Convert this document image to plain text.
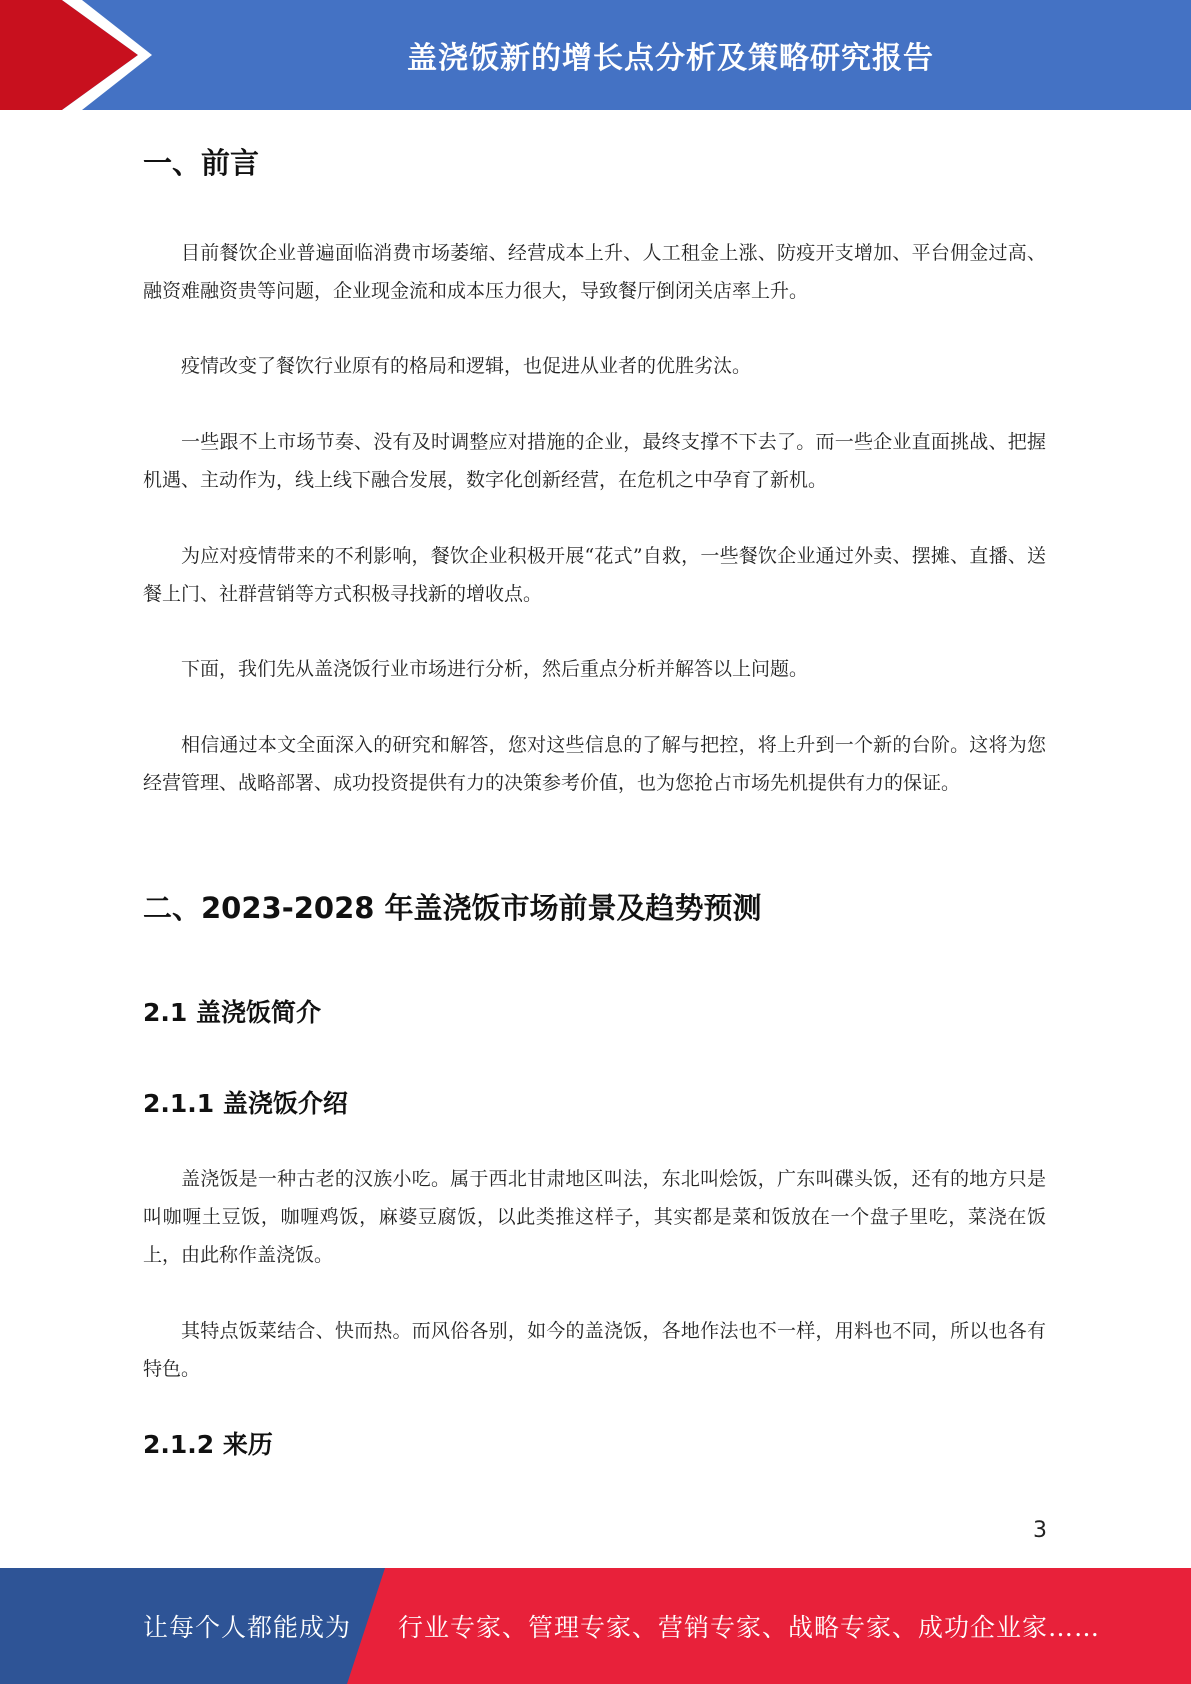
盖浇饭新的增长点分析及策略研究报告
一、前言

目前餐饮企业普遍面临消费市场萎缩、经营成本上升、人工租金上涨、防疫开支增加、平台佣金过高、融资难融资贵等问题，企业现金流和成本压力很大，导致餐厅倒闭关店率上升。

疫情改变了餐饮行业原有的格局和逻辑，也促进从业者的优胜劣汰。

一些跟不上市场节奏、没有及时调整应对措施的企业，最终支撑不下去了。而一些企业直面挑战、把握机遇、主动作为，线上线下融合发展，数字化创新经营，在危机之中孕育了新机。

为应对疫情带来的不利影响，餐饮企业积极开展“花式”自救，一些餐饮企业通过外卖、摆摊、直播、送餐上门、社群营销等方式积极寻找新的增收点。

下面，我们先从盖浇饭行业市场进行分析，然后重点分析并解答以上问题。

相信通过本文全面深入的研究和解答，您对这些信息的了解与把控，将上升到一个新的台阶。这将为您经营管理、战略部署、成功投资提供有力的决策参考价值，也为您抢占市场先机提供有力的保证。

二、2023-2028 年盖浇饭市场前景及趋势预测
2.1 盖浇饭简介
2.1.1 盖浇饭介绍

盖浇饭是一种古老的汉族小吃。属于西北甘肃地区叫法，东北叫烩饭，广东叫碟头饭，还有的地方只是叫咖喱土豆饭，咖喱鸡饭，麻婆豆腐饭，以此类推这样子，其实都是菜和饭放在一个盘子里吃，菜浇在饭上，由此称作盖浇饭。

其特点饭菜结合、快而热。而风俗各别，如今的盖浇饭，各地作法也不一样，用料也不同，所以也各有特色。

2.1.2 来历
3
让每个人都能成为 行业专家、管理专家、营销专家、战略专家、成功企业家……
